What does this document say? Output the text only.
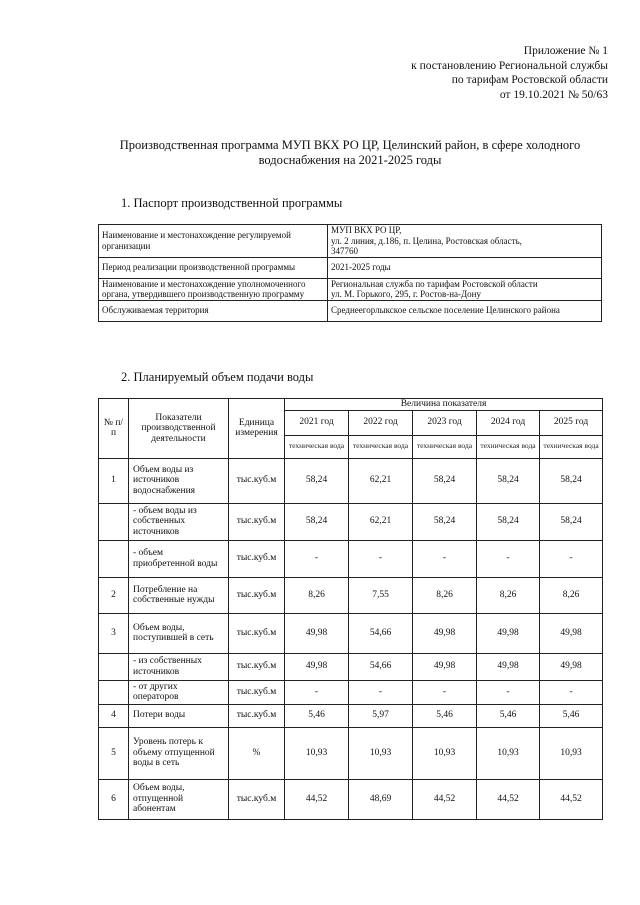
Приложение № 1
к постановлению Региональной службы
по тарифам Ростовской области
от 19.10.2021 № 50/63
Производственная программа МУП ВКХ РО ЦР, Целинский район, в сфере холодного
водоснабжения на 2021-2025 годы
1. Паспорт производственной программы
Наименование и местонахождение регулируемой организации	МУП ВКХ РО ЦР,
ул. 2 линия, д.186, п. Целина, Ростовская область,
347760

Период реализации производственной программы	2021-2025 годы

Наименование и местонахождение уполномоченного органа, утвердившего производственную программу	Региональная служба по тарифам Ростовской области
ул. М. Горького, 295, г. Ростов-на-Дону

Обслуживаемая территория	Среднеегорлыкское сельское поселение Целинского района
2. Планируемый объем подачи воды
№ п/п	Показатели производственной деятельности	Единица измерения	Величина показателя				
			2021 год	2022 год	2023 год	2024 год	2025 год
			техническая вода	техническая вода	техническая вода	техническая вода	техническая вода
1	Объем воды из источников водоснабжения	тыс.куб.м	58,24	62,21	58,24	58,24	58,24
	- объем воды из собственных источников	тыс.куб.м	58,24	62,21	58,24	58,24	58,24
	- объем приобретенной воды	тыс.куб.м	-	-	-	-	-
2	Потребление на собственные нужды	тыс.куб.м	8,26	7,55	8,26	8,26	8,26
3	Объем воды, поступившей в сеть	тыс.куб.м	49,98	54,66	49,98	49,98	49,98
	- из собственных источников	тыс.куб.м	49,98	54,66	49,98	49,98	49,98
	- от других операторов	тыс.куб.м	-	-	-	-	-
4	Потери воды	тыс.куб.м	5,46	5,97	5,46	5,46	5,46
5	Уровень потерь к объему отпущенной воды в сеть	%	10,93	10,93	10,93	10,93	10,93
6	Объем воды, отпущенной абонентам	тыс.куб.м	44,52	48,69	44,52	44,52	44,52
